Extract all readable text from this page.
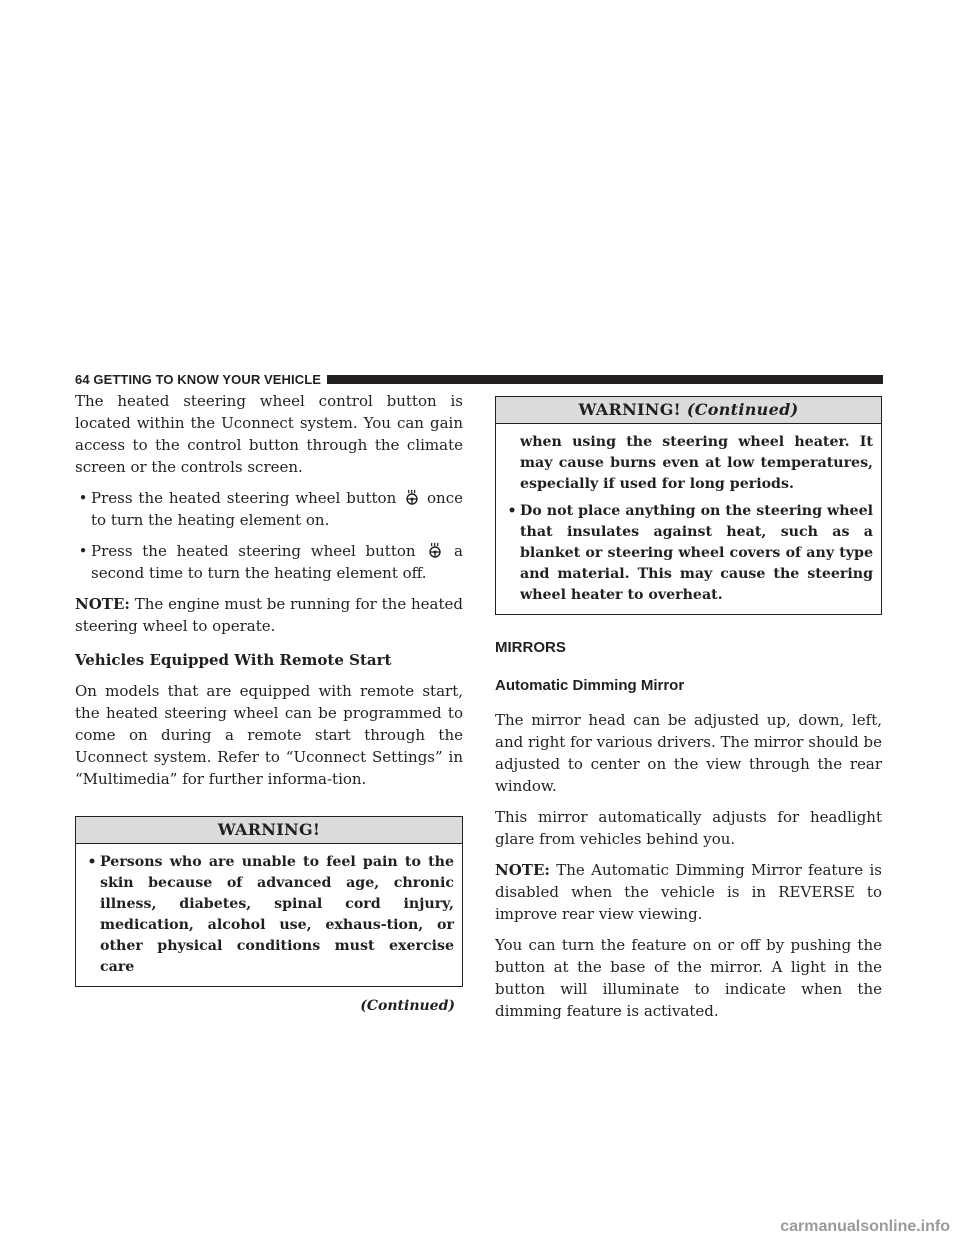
64
GETTING TO KNOW YOUR VEHICLE

The heated steering wheel control button is located within the Uconnect system. You can gain access to the control button through the climate screen or the controls screen.

• Press the heated steering wheel button once to turn the heating element on.
• Press the heated steering wheel button	a second time to turn the heating element off.

NOTE: The engine must be running for the heated steering wheel to operate.

Vehicles Equipped With Remote Start

On models that are equipped with remote start, the heated steering wheel can be programmed to come on during a remote start through the Uconnect system. Refer to “Uconnect Settings” in “Multimedia” for further informa-tion.

WARNING!
• Persons who are unable to feel pain to the skin because of advanced age, chronic illness, diabetes, spinal cord injury, medication, alcohol use, exhaus-tion, or other physical conditions must exercise care
(Continued)
WARNING! (Continued)
when using the steering wheel heater. It may cause burns even at low temperatures, especially if used for long periods.
• Do not place anything on the steering wheel that insulates against heat, such as a blanket or steering wheel covers of any type and material. This may cause the steering wheel heater to overheat.
MIRRORS
Automatic Dimming Mirror

The mirror head can be adjusted up, down, left, and right for various drivers. The mirror should be adjusted to center on the view through the rear window.

This mirror automatically adjusts for headlight glare from vehicles behind you.

NOTE: The Automatic Dimming Mirror feature is disabled when the vehicle is in REVERSE to improve rear view viewing.

You can turn the feature on or off by pushing the button at the base of the mirror. A light in the button will illuminate to indicate when the dimming feature is activated.

carmanualsonline.info
